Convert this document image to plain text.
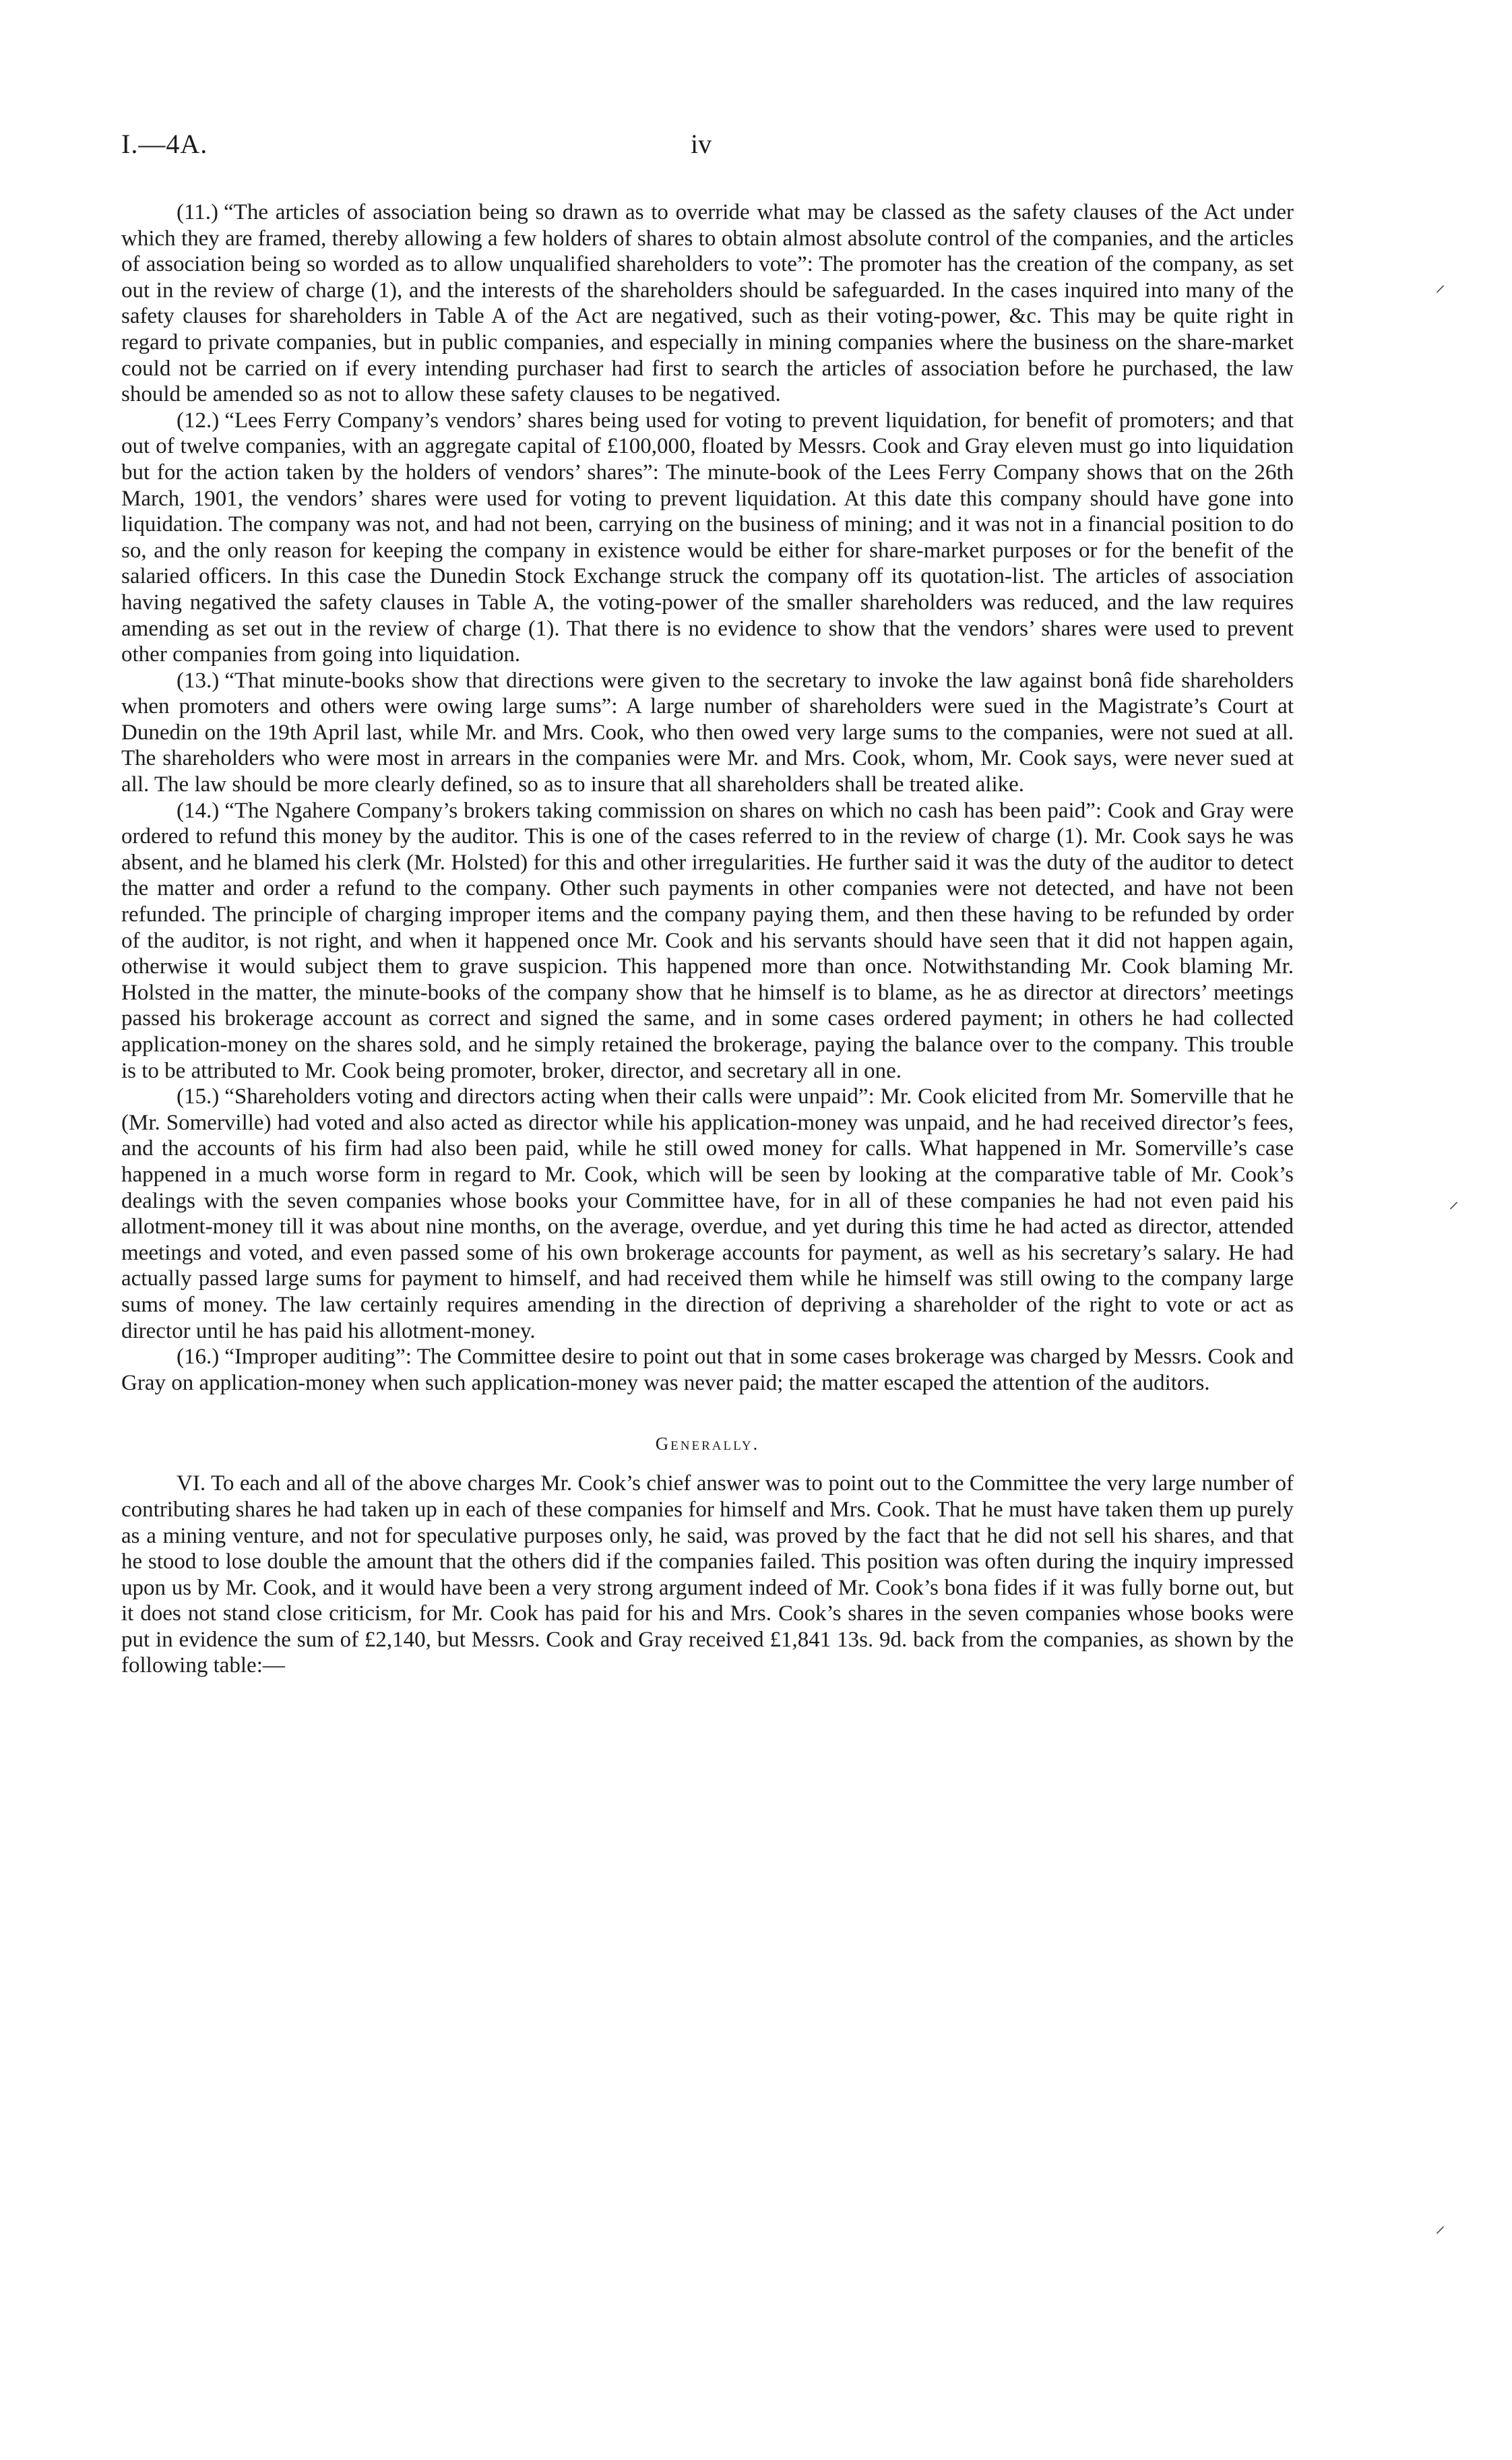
I.—4A.	iv

(11.) “The articles of association being so drawn as to override what may be classed as the safety clauses of the Act under which they are framed, thereby allowing a few holders of shares to obtain almost absolute control of the companies, and the articles of association being so worded as to allow unqualified shareholders to vote”: The promoter has the creation of the company, as set out in the review of charge (1), and the interests of the shareholders should be safeguarded. In the cases inquired into many of the safety clauses for shareholders in Table A of the Act are negatived, such as their voting-power, &c. This may be quite right in regard to private companies, but in public companies, and especially in mining companies where the business on the share-market could not be carried on if every intending purchaser had first to search the articles of association before he purchased, the law should be amended so as not to allow these safety clauses to be negatived.

(12.) “Lees Ferry Company’s vendors’ shares being used for voting to prevent liquidation, for benefit of promoters; and that out of twelve companies, with an aggregate capital of £100,000, floated by Messrs. Cook and Gray eleven must go into liquidation but for the action taken by the holders of vendors’ shares”: The minute-book of the Lees Ferry Company shows that on the 26th March, 1901, the vendors’ shares were used for voting to prevent liquidation. At this date this company should have gone into liquidation. The company was not, and had not been, carrying on the business of mining; and it was not in a financial position to do so, and the only reason for keeping the company in existence would be either for share-market purposes or for the benefit of the salaried officers. In this case the Dunedin Stock Exchange struck the company off its quotation-list. The articles of association having negatived the safety clauses in Table A, the voting-power of the smaller shareholders was reduced, and the law requires amending as set out in the review of charge (1). That there is no evidence to show that the vendors’ shares were used to prevent other companies from going into liquidation.

(13.) “That minute-books show that directions were given to the secretary to invoke the law against bonâ fide shareholders when promoters and others were owing large sums”: A large number of shareholders were sued in the Magistrate’s Court at Dunedin on the 19th April last, while Mr. and Mrs. Cook, who then owed very large sums to the companies, were not sued at all. The shareholders who were most in arrears in the companies were Mr. and Mrs. Cook, whom, Mr. Cook says, were never sued at all. The law should be more clearly defined, so as to insure that all shareholders shall be treated alike.

(14.) “The Ngahere Company’s brokers taking commission on shares on which no cash has been paid”: Cook and Gray were ordered to refund this money by the auditor. This is one of the cases referred to in the review of charge (1). Mr. Cook says he was absent, and he blamed his clerk (Mr. Holsted) for this and other irregularities. He further said it was the duty of the auditor to detect the matter and order a refund to the company. Other such payments in other companies were not detected, and have not been refunded. The principle of charging improper items and the company paying them, and then these having to be refunded by order of the auditor, is not right, and when it happened once Mr. Cook and his servants should have seen that it did not happen again, otherwise it would subject them to grave suspicion. This happened more than once. Notwithstanding Mr. Cook blaming Mr. Holsted in the matter, the minute-books of the company show that he himself is to blame, as he as director at directors’ meetings passed his brokerage account as correct and signed the same, and in some cases ordered payment; in others he had collected application-money on the shares sold, and he simply retained the brokerage, paying the balance over to the company. This trouble is to be attributed to Mr. Cook being promoter, broker, director, and secretary all in one.

(15.) “Shareholders voting and directors acting when their calls were unpaid”: Mr. Cook elicited from Mr. Somerville that he (Mr. Somerville) had voted and also acted as director while his application-money was unpaid, and he had received director’s fees, and the accounts of his firm had also been paid, while he still owed money for calls. What happened in Mr. Somerville’s case happened in a much worse form in regard to Mr. Cook, which will be seen by looking at the comparative table of Mr. Cook’s dealings with the seven companies whose books your Committee have, for in all of these companies he had not even paid his allotment-money till it was about nine months, on the average, overdue, and yet during this time he had acted as director, attended meetings and voted, and even passed some of his own brokerage accounts for payment, as well as his secretary’s salary. He had actually passed large sums for payment to himself, and had received them while he himself was still owing to the company large sums of money. The law certainly requires amending in the direction of depriving a shareholder of the right to vote or act as director until he has paid his allotment-money.

(16.) “Improper auditing”: The Committee desire to point out that in some cases brokerage was charged by Messrs. Cook and Gray on application-money when such application-money was never paid; the matter escaped the attention of the auditors.

Generally.

VI. To each and all of the above charges Mr. Cook’s chief answer was to point out to the Committee the very large number of contributing shares he had taken up in each of these companies for himself and Mrs. Cook. That he must have taken them up purely as a mining venture, and not for speculative purposes only, he said, was proved by the fact that he did not sell his shares, and that he stood to lose double the amount that the others did if the companies failed. This position was often during the inquiry impressed upon us by Mr. Cook, and it would have been a very strong argument indeed of Mr. Cook’s bona fides if it was fully borne out, but it does not stand close criticism, for Mr. Cook has paid for his and Mrs. Cook’s shares in the seven companies whose books were put in evidence the sum of £2,140, but Messrs. Cook and Gray received £1,841 13s. 9d. back from the companies, as shown by the following table:—

⸝
⸝
⸝
